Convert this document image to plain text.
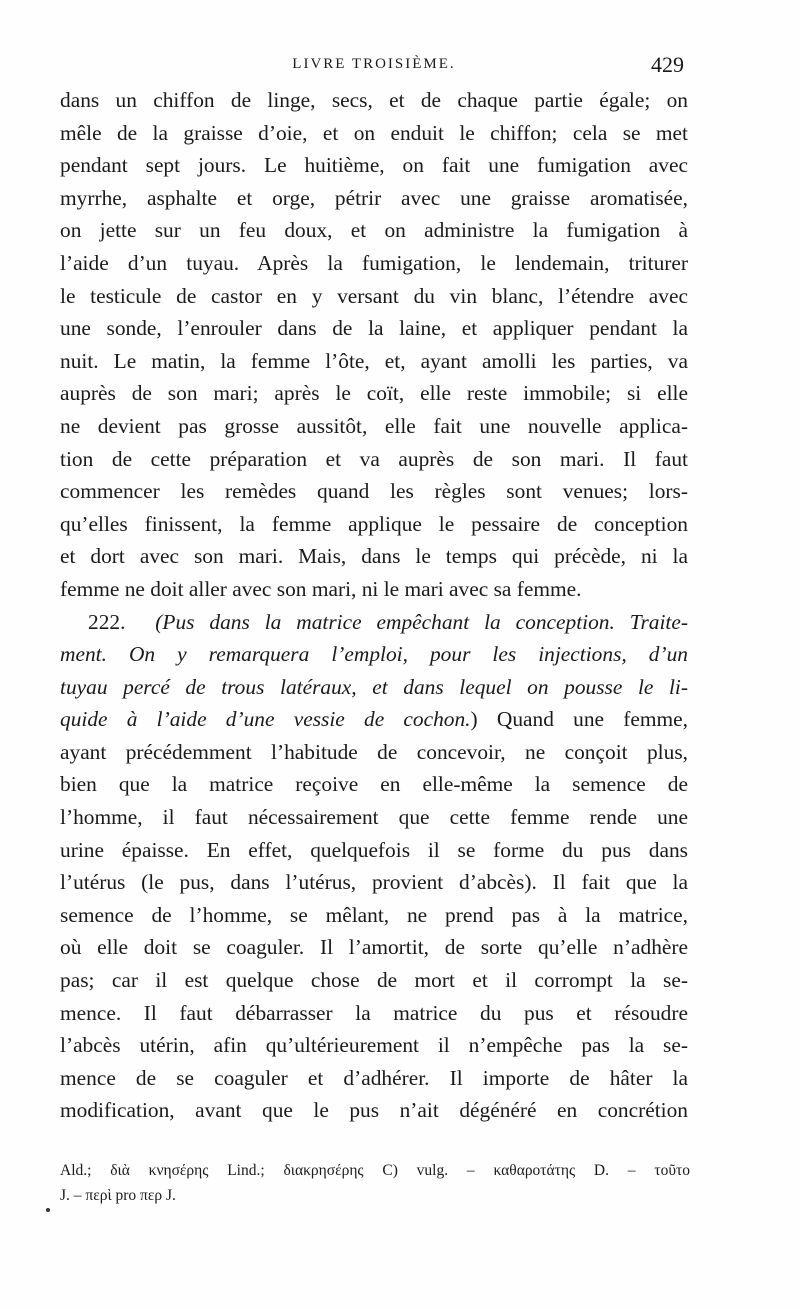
LIVRE TROISIÈME.	429
dans un chiffon de linge, secs, et de chaque partie égale; on
mêle de la graisse d’oie, et on enduit le chiffon; cela se met
pendant sept jours. Le huitième, on fait une fumigation avec
myrrhe, asphalte et orge, pétrir avec une graisse aromatisée,
on jette sur un feu doux, et on administre la fumigation à
l’aide d’un tuyau. Après la fumigation, le lendemain, triturer
le testicule de castor en y versant du vin blanc, l’étendre avec
une sonde, l’enrouler dans de la laine, et appliquer pendant la
nuit. Le matin, la femme l’ôte, et, ayant amolli les parties, va
auprès de son mari; après le coït, elle reste immobile; si elle
ne devient pas grosse aussitôt, elle fait une nouvelle applica-
tion de cette préparation et va auprès de son mari. Il faut
commencer les remèdes quand les règles sont venues; lors-
qu’elles finissent, la femme applique le pessaire de conception
et dort avec son mari. Mais, dans le temps qui précède, ni la
femme ne doit aller avec son mari, ni le mari avec sa femme.
222. (Pus dans la matrice empêchant la conception. Traite-
ment. On y remarquera l’emploi, pour les injections, d’un
tuyau percé de trous latéraux, et dans lequel on pousse le li-
quide à l’aide d’une vessie de cochon.) Quand une femme,
ayant précédemment l’habitude de concevoir, ne conçoit plus,
bien que la matrice reçoive en elle-même la semence de
l’homme, il faut nécessairement que cette femme rende une
urine épaisse. En effet, quelquefois il se forme du pus dans
l’utérus (le pus, dans l’utérus, provient d’abcès). Il fait que la
semence de l’homme, se mêlant, ne prend pas à la matrice,
où elle doit se coaguler. Il l’amortit, de sorte qu’elle n’adhère
pas; car il est quelque chose de mort et il corrompt la se-
mence. Il faut débarrasser la matrice du pus et résoudre
l’abcès utérin, afin qu’ultérieurement il n’empêche pas la se-
mence de se coaguler et d’adhérer. Il importe de hâter la
modification, avant que le pus n’ait dégénéré en concrétion
Ald.; διὰ κνησέρης Lind.; διακρησέρης C) vulg. – καθαροτάτης D. – τοῦτο
J. – περὶ pro περ J.
